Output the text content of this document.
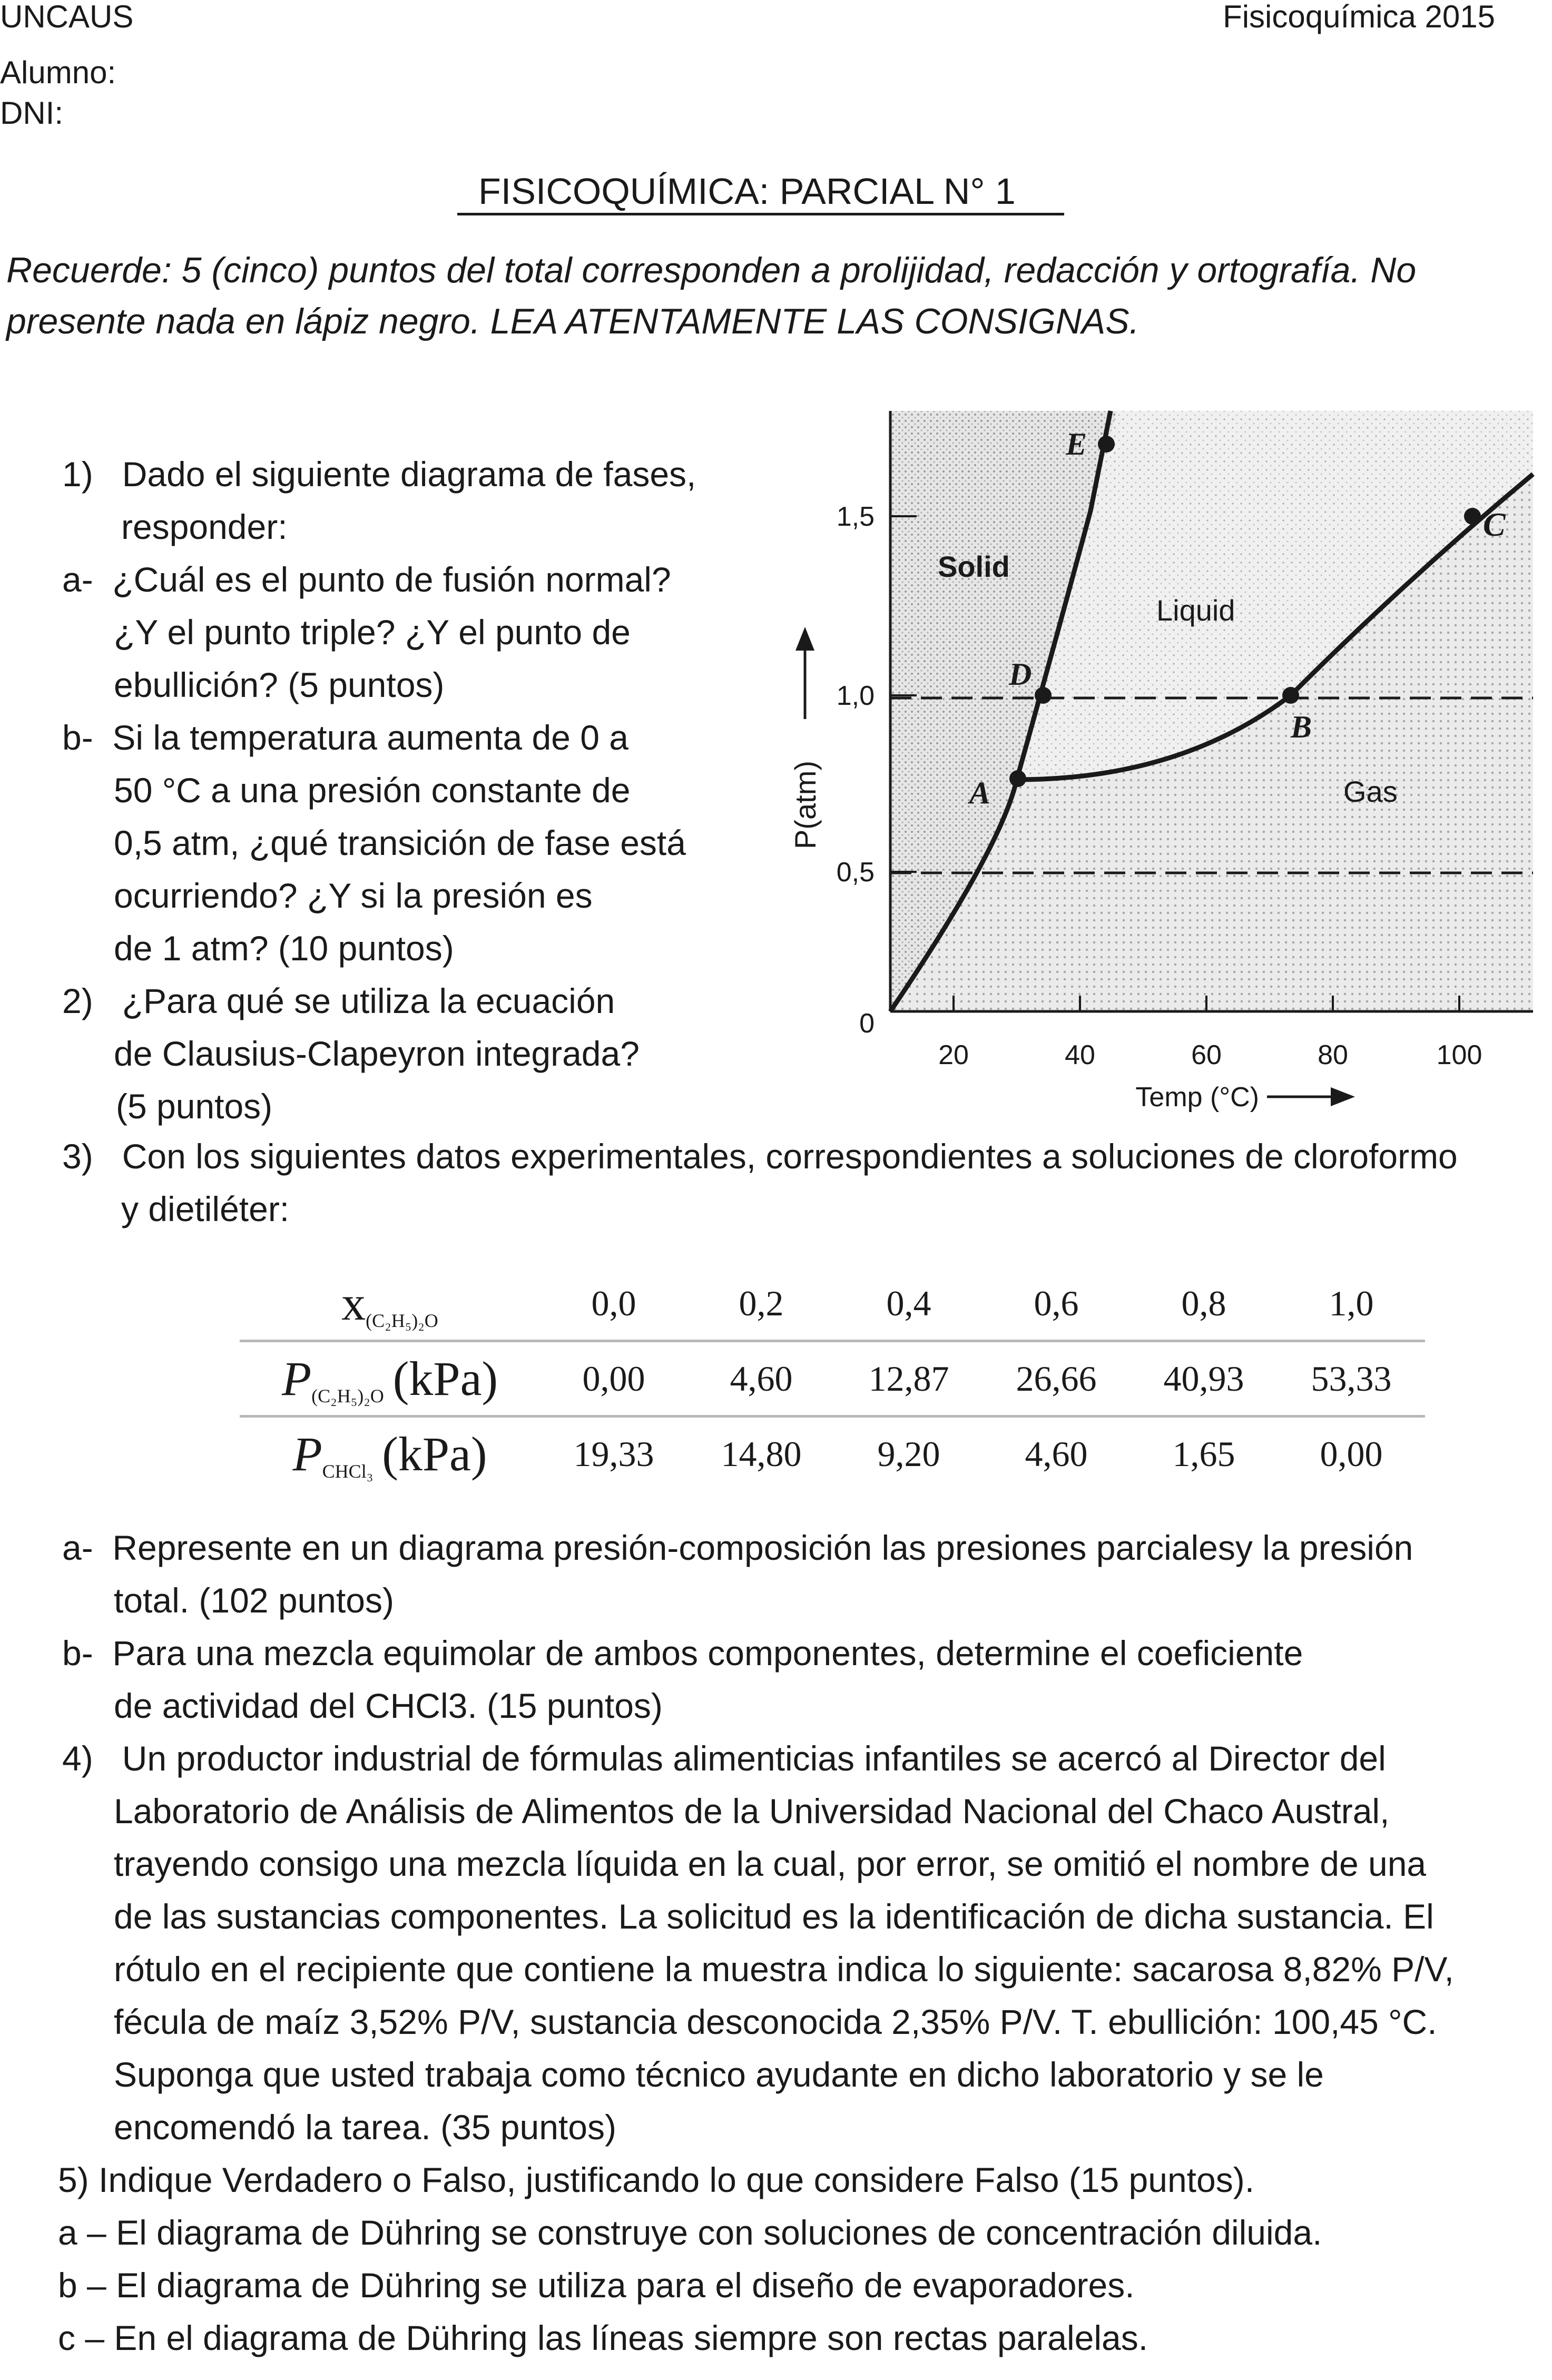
UNCAUS	Fisicoquímica 2015
Alumno:
DNI:
FISICOQUÍMICA: PARCIAL N° 1
Recuerde: 5 (cinco) puntos del total corresponden a prolijidad, redacción y ortografía. No
presente nada en lápiz negro. LEA ATENTAMENTE LAS CONSIGNAS.
1)   Dado el siguiente diagrama de fases,
responder:
a-  ¿Cuál es el punto de fusión normal?
¿Y el punto triple? ¿Y el punto de
ebullición? (5 puntos)
b-  Si la temperatura aumenta de 0 a
50 °C a una presión constante de
0,5 atm, ¿qué transición de fase está
ocurriendo? ¿Y si la presión es
de 1 atm? (10 puntos)
2)   ¿Para qué se utiliza la ecuación
de Clausius-Clapeyron integrada?
(5 puntos)
1,5
1,0
0,5
0
20	40	60	80	100
A
D
B
E
C
Solid
Liquid
Gas
P(atm)
Temp (°C)
3)   Con los siguientes datos experimentales, correspondientes a soluciones de cloroformo
y dietiléter:
$x_{(C_2H_5)_2O}$	0,0	0,2	0,4	0,6	0,8	1,0
$P_{(C_2H_5)_2O}$ (kPa)	0,00	4,60	12,87	26,66	40,93	53,33
$P_{CHCl_3}$ (kPa)	19,33	14,80	9,20	4,60	1,65	0,00
a-  Represente en un diagrama presión-composición las presiones parcialesy la presión
total. (102 puntos)
b-  Para una mezcla equimolar de ambos componentes, determine el coeficiente
de actividad del CHCl3. (15 puntos)
4)   Un productor industrial de fórmulas alimenticias infantiles se acercó al Director del
Laboratorio de Análisis de Alimentos de la Universidad Nacional del Chaco Austral,
trayendo consigo una mezcla líquida en la cual, por error, se omitió el nombre de una
de las sustancias componentes. La solicitud es la identificación de dicha sustancia. El
rótulo en el recipiente que contiene la muestra indica lo siguiente: sacarosa 8,82% P/V,
fécula de maíz 3,52% P/V, sustancia desconocida 2,35% P/V. T. ebullición: 100,45 °C.
Suponga que usted trabaja como técnico ayudante en dicho laboratorio y se le
encomendó la tarea. (35 puntos)
5) Indique Verdadero o Falso, justificando lo que considere Falso (15 puntos).
a – El diagrama de Dühring se construye con soluciones de concentración diluida.
b – El diagrama de Dühring se utiliza para el diseño de evaporadores.
c – En el diagrama de Dühring las líneas siempre son rectas paralelas.
